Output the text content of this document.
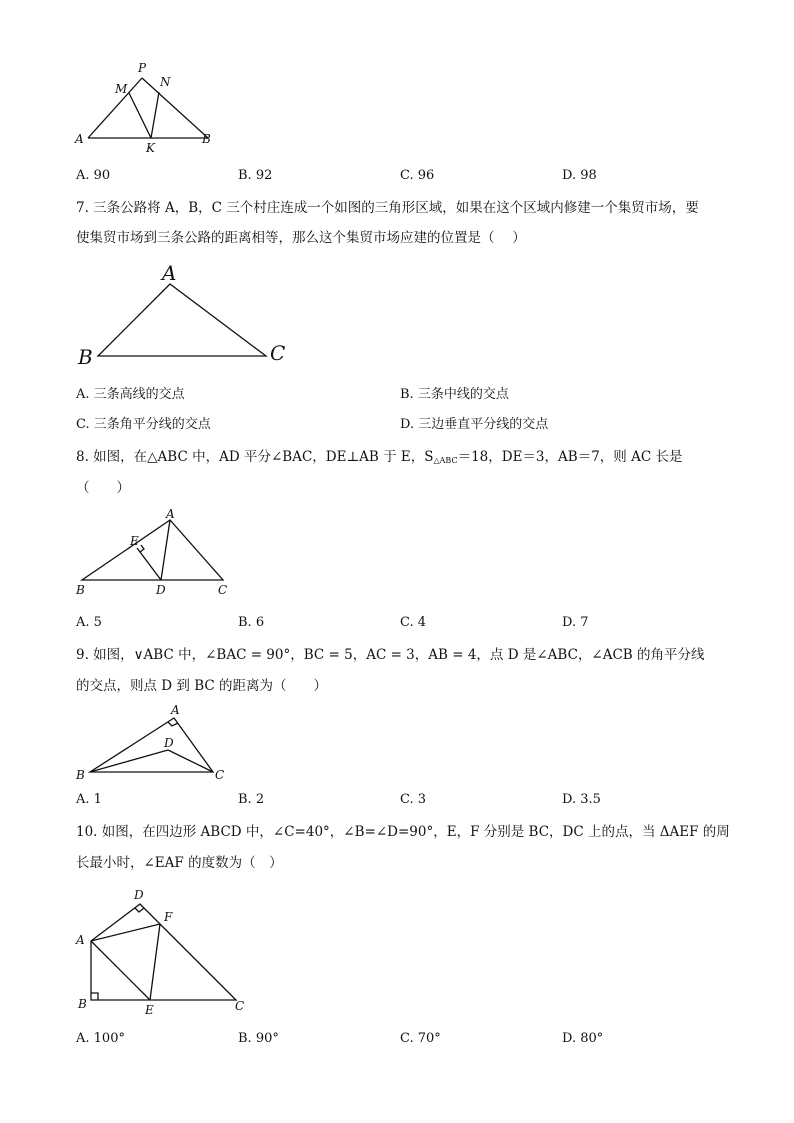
P
M	N
A
K
B
A. 90	B. 92	C. 96	D. 98
7. 三条公路将 A，B，C 三个村庄连成一个如图的三角形区域，如果在这个区域内修建一个集贸市场，要
使集贸市场到三条公路的距离相等，那么这个集贸市场应建的位置是（　 ）
A
B	C
A. 三条高线的交点	B. 三条中线的交点
C. 三条角平分线的交点	D. 三边垂直平分线的交点
8. 如图，在△ABC 中，AD 平分∠BAC，DE⊥AB 于 E，$S_{\triangle ABC}=18$，DE＝3，AB＝7，则 AC 长是
（　　）
A
E
B	D	C
A. 5	B. 6	C. 4	D. 7
9. 如图，∨ABC 中，∠BAC = 90°，BC = 5，AC = 3，AB = 4，点 D 是∠ABC，∠ACB 的角平分线
的交点，则点 D 到 BC 的距离为（　　）
A
D
B	C
A. 1	B. 2	C. 3	D. 3.5
10. 如图，在四边形 ABCD 中，∠C=40°，∠B=∠D=90°，E，F 分别是 BC，DC 上的点，当 ΔAEF 的周
长最小时，∠EAF 的度数为（　）
D
F
A
B	E	C
A. 100°	B. 90°	C. 70°	D. 80°
